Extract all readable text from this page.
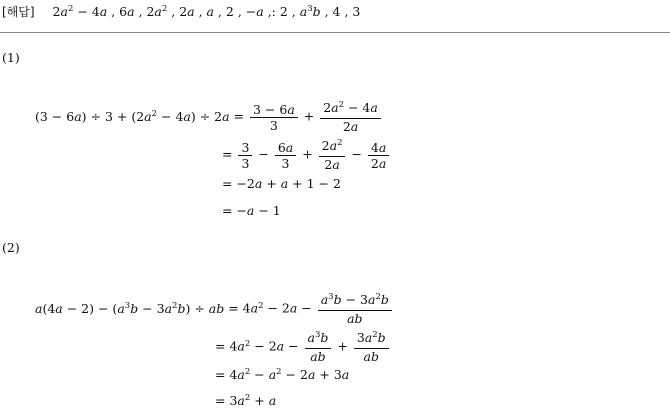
[해답] $2a^2 - 4a$ , 6a , $2a^2$ , 2a , a , 2 , −a ,: 2 , $a^3b$ , 4 , 3
(1)
$(3 - 6a) \div 3 + (2a^2 - 4a) \div 2a = \frac{3 - 6a}{3} + \frac{2a^2 - 4a}{2a}$
= $\frac{3}{3} - \frac{6a}{3} + \frac{2a^2}{2a} - \frac{4a}{2a}$
= −2a + a + 1 − 2
= −a − 1
(2)
$a(4a - 2) - (a^3b - 3a^2b)$ ÷ ab = $4a^2 - 2a - \frac{a^3b - 3a^2b}{ab}$
= $4a^2 - 2a - \frac{a^3b}{ab} + \frac{3a^2b}{ab}$
= $4a^2 - a^2 - 2a + 3a$
= $3a^2 + a$
